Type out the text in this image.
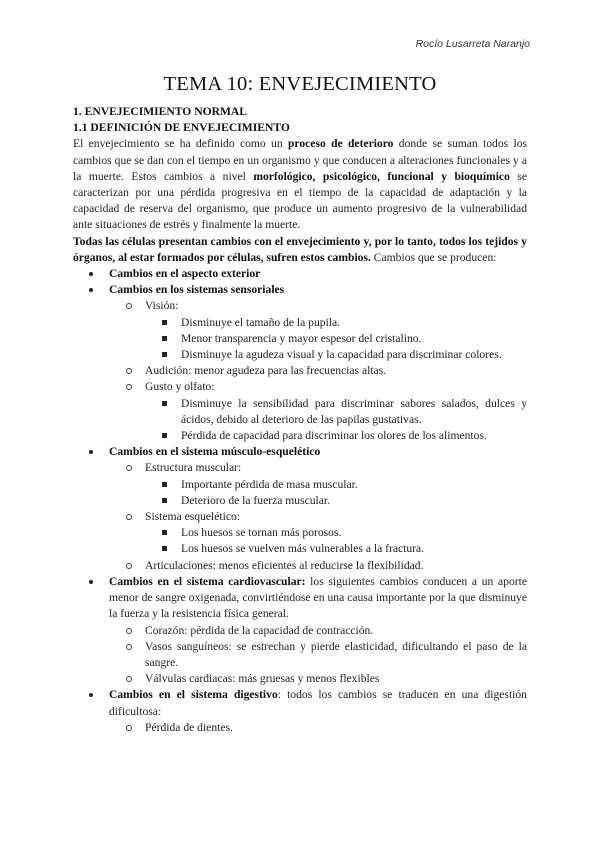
Rocío Lusarreta Naranjo
TEMA 10: ENVEJECIMIENTO
1. ENVEJECIMIENTO NORMAL
1.1 DEFINICIÓN DE ENVEJECIMIENTO
El envejecimiento se ha definido como un proceso de deterioro donde se suman todos los cambios que se dan con el tiempo en un organismo y que conducen a alteraciones funcionales y a la muerte. Estos cambios a nivel morfológico, psicológico, funcional y bioquímico se caracterizan por una pérdida progresiva en el tiempo de la capacidad de adaptación y la capacidad de reserva del organismo, que produce un aumento progresivo de la vulnerabilidad ante situaciones de estrés y finalmente la muerte.
Todas las células presentan cambios con el envejecimiento y, por lo tanto, todos los tejidos y órganos, al estar formados por células, sufren estos cambios. Cambios que se producen:
Cambios en el aspecto exterior
Cambios en los sistemas sensoriales
Visión:
Disminuye el tamaño de la pupila.
Menor transparencia y mayor espesor del cristalino.
Disminuye la agudeza visual y la capacidad para discriminar colores.
Audición: menor agudeza para las frecuencias altas.
Gusto y olfato:
Disminuye la sensibilidad para discriminar sabores salados, dulces y ácidos, debido al deterioro de las papilas gustativas.
Pérdida de capacidad para discriminar los olores de los alimentos.
Cambios en el sistema músculo-esquelético
Estructura muscular:
Importante pérdida de masa muscular.
Deterioro de la fuerza muscular.
Sistema esquelético:
Los huesos se tornan más porosos.
Los huesos se vuelven más vulnerables a la fractura.
Articulaciones: menos eficientes al reducirse la flexibilidad.
Cambios en el sistema cardiovascular: los siguientes cambios conducen a un aporte menor de sangre oxigenada, convirtiéndose en una causa importante por la que disminuye la fuerza y la resistencia física general.
Corazón: pérdida de la capacidad de contracción.
Vasos sanguíneos: se estrechan y pierde elasticidad, dificultando el paso de la sangre.
Válvulas cardiacas: más gruesas y menos flexibles
Cambios en el sistema digestivo: todos los cambios se traducen en una digestión dificultosa:
Pérdida de dientes.
